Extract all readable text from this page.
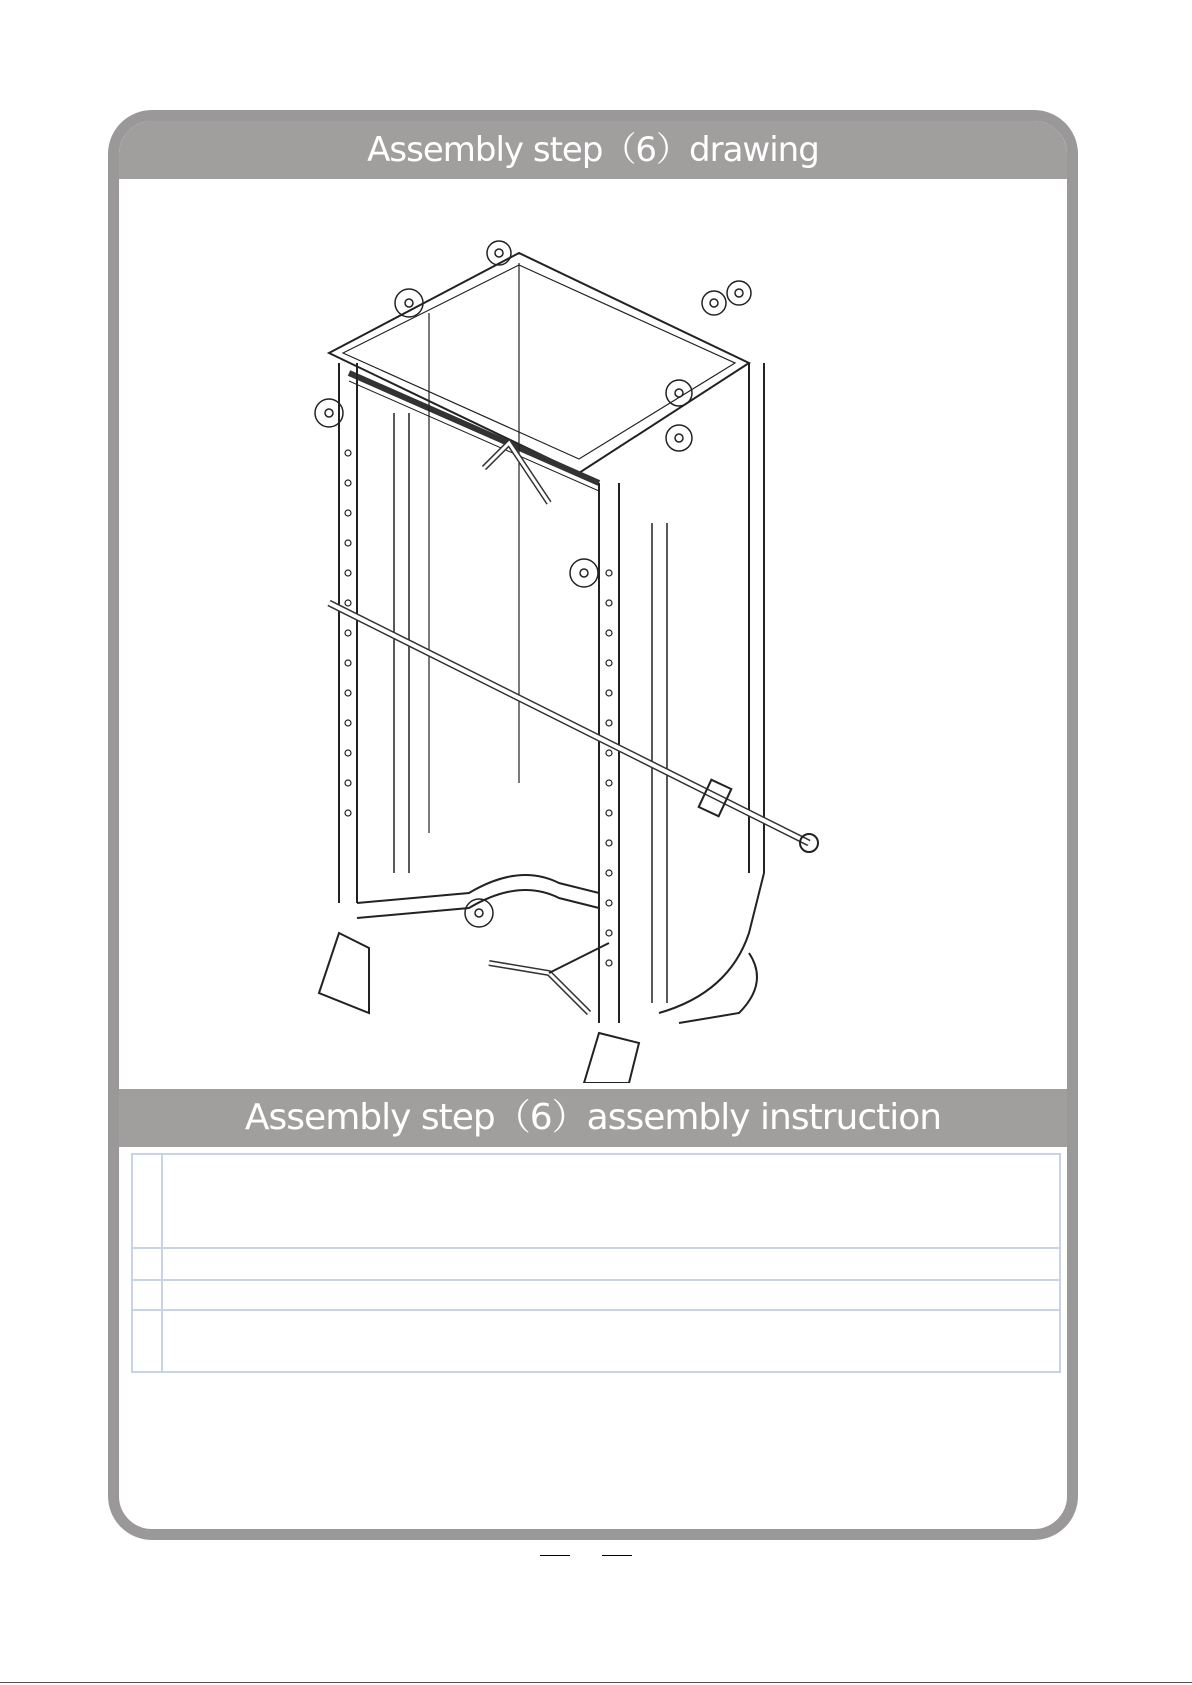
Assembly step（6）drawing
Assembly step（6）assembly instruction
